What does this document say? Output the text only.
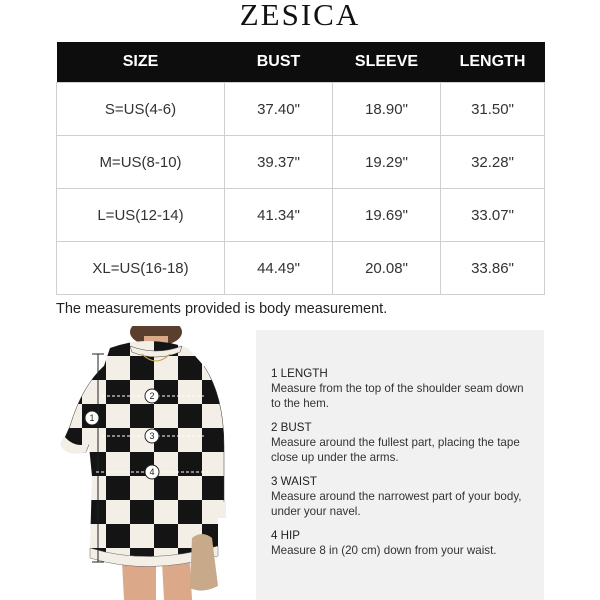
ZESICA
SIZE	BUST	SLEEVE	LENGTH
S=US(4-6)	37.40"	18.90"	31.50"
M=US(8-10)	39.37"	19.29"	32.28"
L=US(12-14)	41.34"	19.69"	33.07"
XL=US(16-18)	44.49"	20.08"	33.86"
The measurements provided is body measurement.
1
2
3
4
1 LENGTH
Measure from the top of the shoulder seam down to the hem.
2 BUST
Measure around the fullest part, placing the tape close up under the arms.
3 WAIST
Measure around the narrowest part of your body, under your navel.
4 HIP
Measure 8 in (20 cm) down from your waist.
